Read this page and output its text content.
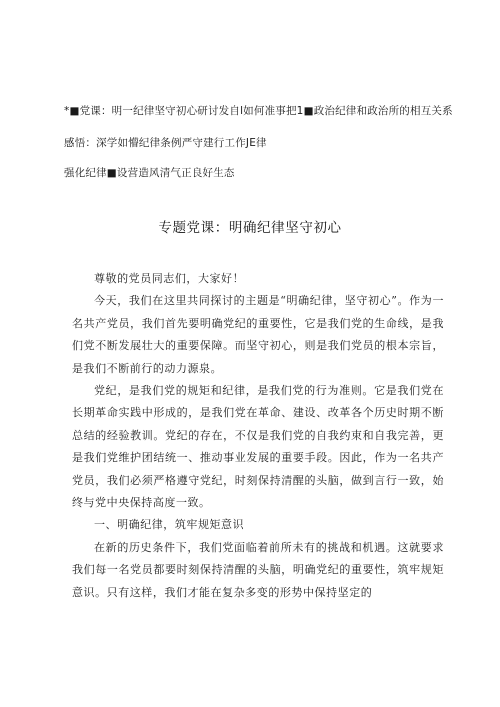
*■党课：明一纪律坚守初心研讨发自l如何准事把1■政治纪律和政治所的相互关系
感悟：深学如懵纪律条例严守建行工作JE律
强化纪律■设营造风清气正良好生态
专题党课：明确纪律坚守初心

尊敬的党员同志们，大家好！

今天，我们在这里共同探讨的主题是“明确纪律，坚守初心”。作为一名共产党员，我们首先要明确党纪的重要性，它是我们党的生命线，是我们党不断发展壮大的重要保障。而坚守初心，则是我们党员的根本宗旨，是我们不断前行的动力源泉。

党纪，是我们党的规矩和纪律，是我们党的行为准则。它是我们党在长期革命实践中形成的，是我们党在革命、建设、改革各个历史时期不断总结的经验教训。党纪的存在，不仅是我们党的自我约束和自我完善，更是我们党维护团结统一、推动事业发展的重要手段。因此，作为一名共产党员，我们必须严格遵守党纪，时刻保持清醒的头脑，做到言行一致，始终与党中央保持高度一致。

一、明确纪律，筑牢规矩意识

在新的历史条件下，我们党面临着前所未有的挑战和机遇。这就要求我们每一名党员都要时刻保持清醒的头脑，明确党纪的重要性，筑牢规矩意识。只有这样，我们才能在复杂多变的形势中保持坚定的
